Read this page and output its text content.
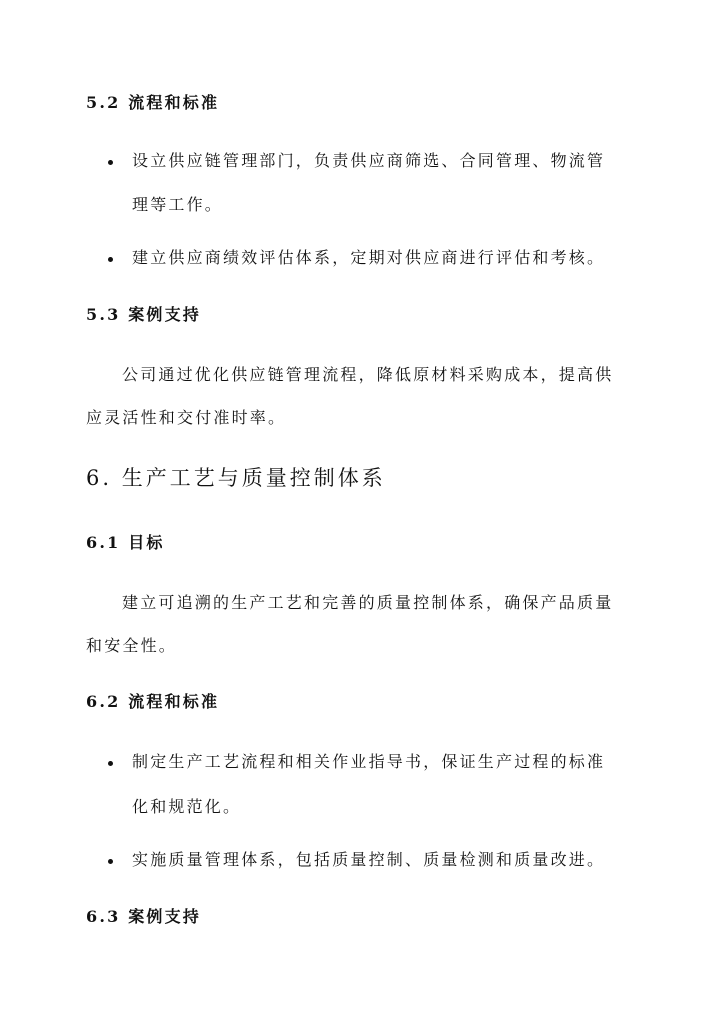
5.2 流程和标准
设立供应链管理部门，负责供应商筛选、合同管理、物流管
理等工作。
建立供应商绩效评估体系，定期对供应商进行评估和考核。
5.3 案例支持
公司通过优化供应链管理流程，降低原材料采购成本，提高供
应灵活性和交付准时率。
6. 生产工艺与质量控制体系
6.1 目标
建立可追溯的生产工艺和完善的质量控制体系，确保产品质量
和安全性。
6.2 流程和标准
制定生产工艺流程和相关作业指导书，保证生产过程的标准
化和规范化。
实施质量管理体系，包括质量控制、质量检测和质量改进。
6.3 案例支持
